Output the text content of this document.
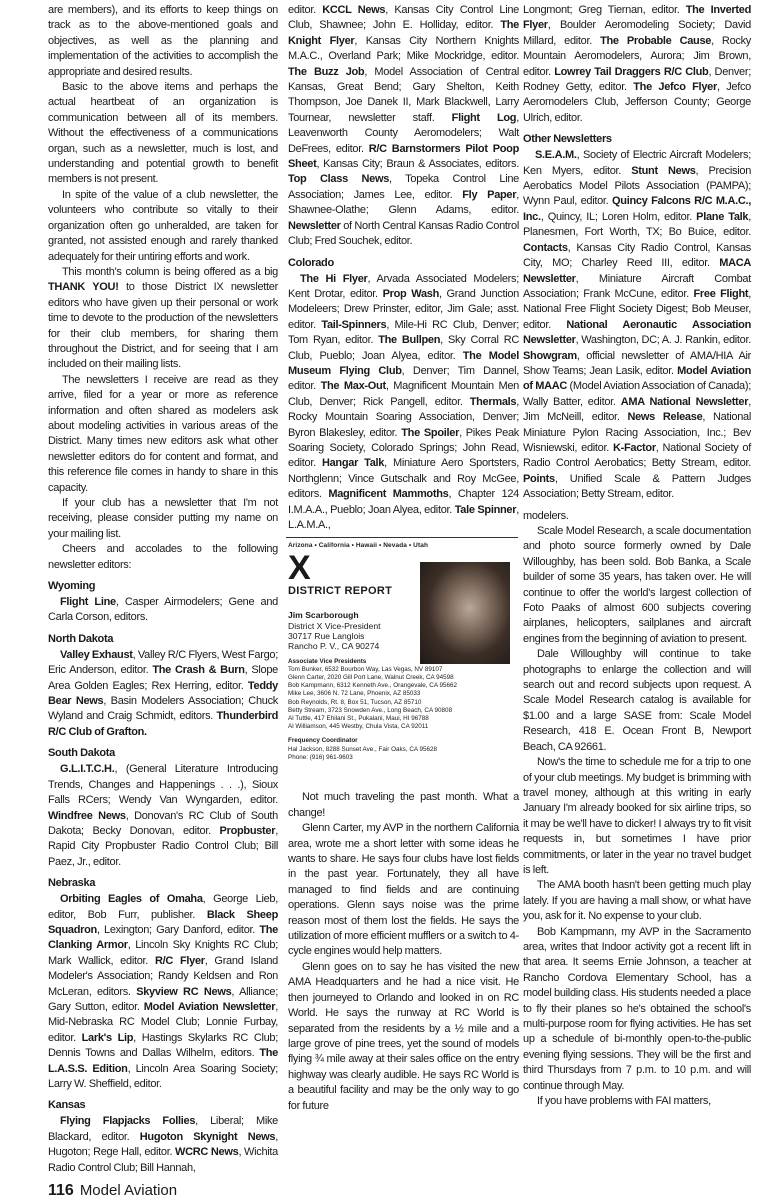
are members), and its efforts to keep things on track as to the above-mentioned goals and objectives, as well as the planning and implementation of the activities to accomplish the appropriate and desired results.

Basic to the above items and perhaps the actual heartbeat of an organization is communication between all of its members. Without the effectiveness of a communications organ, such as a newsletter, much is lost, and understanding and potential growth to benefit members is not present.

In spite of the value of a club newsletter, the volunteers who contribute so vitally to their organization often go unheralded, are taken for granted, not assisted enough and rarely thanked adequately for their untiring efforts and work.

This month's column is being offered as a big THANK YOU! to those District IX newsletter editors who have given up their personal or work time to devote to the production of the newsletters for their club members, for sharing them throughout the District, and for seeing that I am included on their mailing lists.

The newsletters I receive are read as they arrive, filed for a year or more as reference information and often shared as modelers ask about modeling activities in various areas of the District. Many times new editors ask what other newsletter editors do for content and format, and this reference file comes in handy to share in this capacity.

If your club has a newsletter that I'm not receiving, please consider putting my name on your mailing list.

Cheers and accolades to the following newsletter editors:

Wyoming

Flight Line, Casper Airmodelers; Gene and Carla Corson, editors.

North Dakota

Valley Exhaust, Valley R/C Flyers, West Fargo; Eric Anderson, editor. The Crash & Burn, Slope Area Golden Eagles; Rex Herring, editor. Teddy Bear News, Basin Modelers Association; Chuck Wyland and Craig Schmidt, editors. Thunderbird R/C Club of Grafton.

South Dakota

G.L.I.T.C.H., (General Literature Introducing Trends, Changes and Happenings . . .), Sioux Falls RCers; Wendy Van Wyngarden, editor. Windfree News, Donovan's RC Club of South Dakota; Becky Donovan, editor. Propbuster, Rapid City Propbuster Radio Control Club; Bill Paez, Jr., editor.

Nebraska

Orbiting Eagles of Omaha, George Lieb, editor, Bob Furr, publisher. Black Sheep Squadron, Lexington; Gary Danford, editor. The Clanking Armor, Lincoln Sky Knights RC Club; Mark Wallick, editor. R/C Flyer, Grand Island Modeler's Association; Randy Keldsen and Ron McLeran, editors. Skyview RC News, Alliance; Gary Sutton, editor. Model Aviation Newsletter, Mid-Nebraska RC Model Club; Lonnie Furbay, editor. Lark's Lip, Hastings Skylarks RC Club; Dennis Towns and Dallas Wilhelm, editors. The L.A.S.S. Edition, Lincoln Area Soaring Society; Larry W. Sheffield, editor.

Kansas

Flying Flapjacks Follies, Liberal; Mike Blackard, editor. Hugoton Skynight News, Hugoton; Rege Hall, editor. WCRC News, Wichita Radio Control Club; Bill Hannah,

116 Model Aviation

editor. KCCL News, Kansas City Control Line Club, Shawnee; John E. Holliday, editor. The Knight Flyer, Kansas City Northern Knights M.A.C., Overland Park; Mike Mockridge, editor. The Buzz Job, Model Association of Central Kansas, Great Bend; Gary Shelton, Keith Thompson, Joe Danek II, Mark Blackwell, Larry Tournear, newsletter staff. Flight Log, Leavenworth County Aeromodelers; Walt DeFrees, editor. R/C Barnstormers Pilot Poop Sheet, Kansas City; Braun & Associates, editors. Top Class News, Topeka Control Line Association; James Lee, editor. Fly Paper, Shawnee-Olathe; Glenn Adams, editor. Newsletter of North Central Kansas Radio Control Club; Fred Souchek, editor.

Colorado

The Hi Flyer, Arvada Associated Modelers; Kent Drotar, editor. Prop Wash, Grand Junction Modeleers; Drew Prinster, editor, Jim Gale; asst. editor. Tail-Spinners, Mile-Hi RC Club, Denver; Tom Ryan, editor. The Bullpen, Sky Corral RC Club, Pueblo; Joan Alyea, editor. The Model Museum Flying Club, Denver; Tim Dannel, editor. The Max-Out, Magnificent Mountain Men Club, Denver; Rick Pangell, editor. Thermals, Rocky Mountain Soaring Association, Denver; Byron Blakesley, editor. The Spoiler, Pikes Peak Soaring Society, Colorado Springs; John Read, editor. Hangar Talk, Miniature Aero Sportsters, Northglenn; Vince Gutschalk and Roy McGee, editors. Magnificent Mammoths, Chapter 124 I.M.A.A., Pueblo; Joan Alyea, editor. Tale Spinner, L.A.M.A.,

Arizona • California • Hawaii • Nevada • Utah
X
DISTRICT REPORT
Jim Scarborough
District X Vice-President
30717 Rue Langlois
Rancho P. V., CA 90274
Associate Vice Presidents
Tom Bunker, 6532 Bourbon Way, Las Vegas, NV 89107
Glenn Carter, 2020 Gill Port Lane, Walnut Creek, CA 94598
Bob Kampmann, 6312 Kenneth Ave., Orangevale, CA 95662
Mike Lee, 3606 N. 72 Lane, Phoenix, AZ 85033
Bob Reynolds, Rt. 8, Box 51, Tucson, AZ 85710
Betty Stream, 3723 Snowden Ave., Long Beach, CA 90808
Al Tuttle, 417 Ehilani St., Pukalani, Maui, HI 96788
Al Williamson, 445 Westby, Chula Vista, CA 92011
Frequency Coordinator
Hal Jackson, 8288 Sunset Ave., Fair Oaks, CA 95628
Phone: (916) 961-9603

Not much traveling the past month. What a change!

Glenn Carter, my AVP in the northern California area, wrote me a short letter with some ideas he wants to share. He says four clubs have lost fields in the past year. Fortunately, they all have managed to find fields and are continuing operations. Glenn says noise was the prime reason most of them lost the fields. He says the utilization of more efficient mufflers or a switch to 4-cycle engines would help matters.

Glenn goes on to say he has visited the new AMA Headquarters and he had a nice visit. He then journeyed to Orlando and looked in on RC World. He says the runway at RC World is separated from the residents by a ½ mile and a large grove of pine trees, yet the sound of models flying ¾ mile away at their sales office on the entry highway was clearly audible. He says RC World is a beautiful facility and may be the only way to go for future

Longmont; Greg Tiernan, editor. The Inverted Flyer, Boulder Aeromodeling Society; David Millard, editor. The Probable Cause, Rocky Mountain Aeromodelers, Aurora; Jim Brown, editor. Lowrey Tail Draggers R/C Club, Denver; Rodney Getty, editor. The Jefco Flyer, Jefco Aeromodelers Club, Jefferson County; George Ulrich, editor.

Other Newsletters

S.E.A.M., Society of Electric Aircraft Modelers; Ken Myers, editor. Stunt News, Precision Aerobatics Model Pilots Association (PAMPA); Wynn Paul, editor. Quincy Falcons R/C M.A.C., Inc., Quincy, IL; Loren Holm, editor. Plane Talk, Planesmen, Fort Worth, TX; Bo Buice, editor. Contacts, Kansas City Radio Control, Kansas City, MO; Charley Reed III, editor. MACA Newsletter, Miniature Aircraft Combat Association; Frank McCune, editor. Free Flight, National Free Flight Society Digest; Bob Meuser, editor. National Aeronautic Association Newsletter, Washington, DC; A. J. Rankin, editor. Showgram, official newsletter of AMA/HIA Air Show Teams; Jean Lasik, editor. Model Aviation of MAAC (Model Aviation Association of Canada); Wally Batter, editor. AMA National Newsletter, Jim McNeill, editor. News Release, National Miniature Pylon Racing Association, Inc.; Bev Wisniewski, editor. K-Factor, National Society of Radio Control Aerobatics; Betty Stream, editor. Points, Unified Scale & Pattern Judges Association; Betty Stream, editor.

modelers.

Scale Model Research, a scale documentation and photo source formerly owned by Dale Willoughby, has been sold. Bob Banka, a Scale builder of some 35 years, has taken over. He will continue to offer the world's largest collection of Foto Paaks of almost 600 subjects covering airplanes, helicopters, sailplanes and aircraft engines from the beginning of aviation to present.

Dale Willoughby will continue to take photographs to enlarge the collection and will search out and record subjects upon request. A Scale Model Research catalog is available for $1.00 and a large SASE from: Scale Model Research, 418 E. Ocean Front B, Newport Beach, CA 92661.

Now's the time to schedule me for a trip to one of your club meetings. My budget is brimming with travel money, although at this writing in early January I'm already booked for six airline trips, so it may be we'll have to dicker! I always try to fit visit requests in, but sometimes I have prior commitments, or later in the year no travel budget is left.

The AMA booth hasn't been getting much play lately. If you are having a mall show, or what have you, ask for it. No expense to your club.

Bob Kampmann, my AVP in the Sacramento area, writes that Indoor activity got a recent lift in that area. It seems Ernie Johnson, a teacher at Rancho Cordova Elementary School, has a model building class. His students needed a place to fly their planes so he's obtained the school's multi-purpose room for flying activities. He has set up a schedule of bi-monthly open-to-the-public evening flying sessions. They will be the first and third Thursdays from 7 p.m. to 10 p.m. and will continue through May.

If you have problems with FAI matters,
